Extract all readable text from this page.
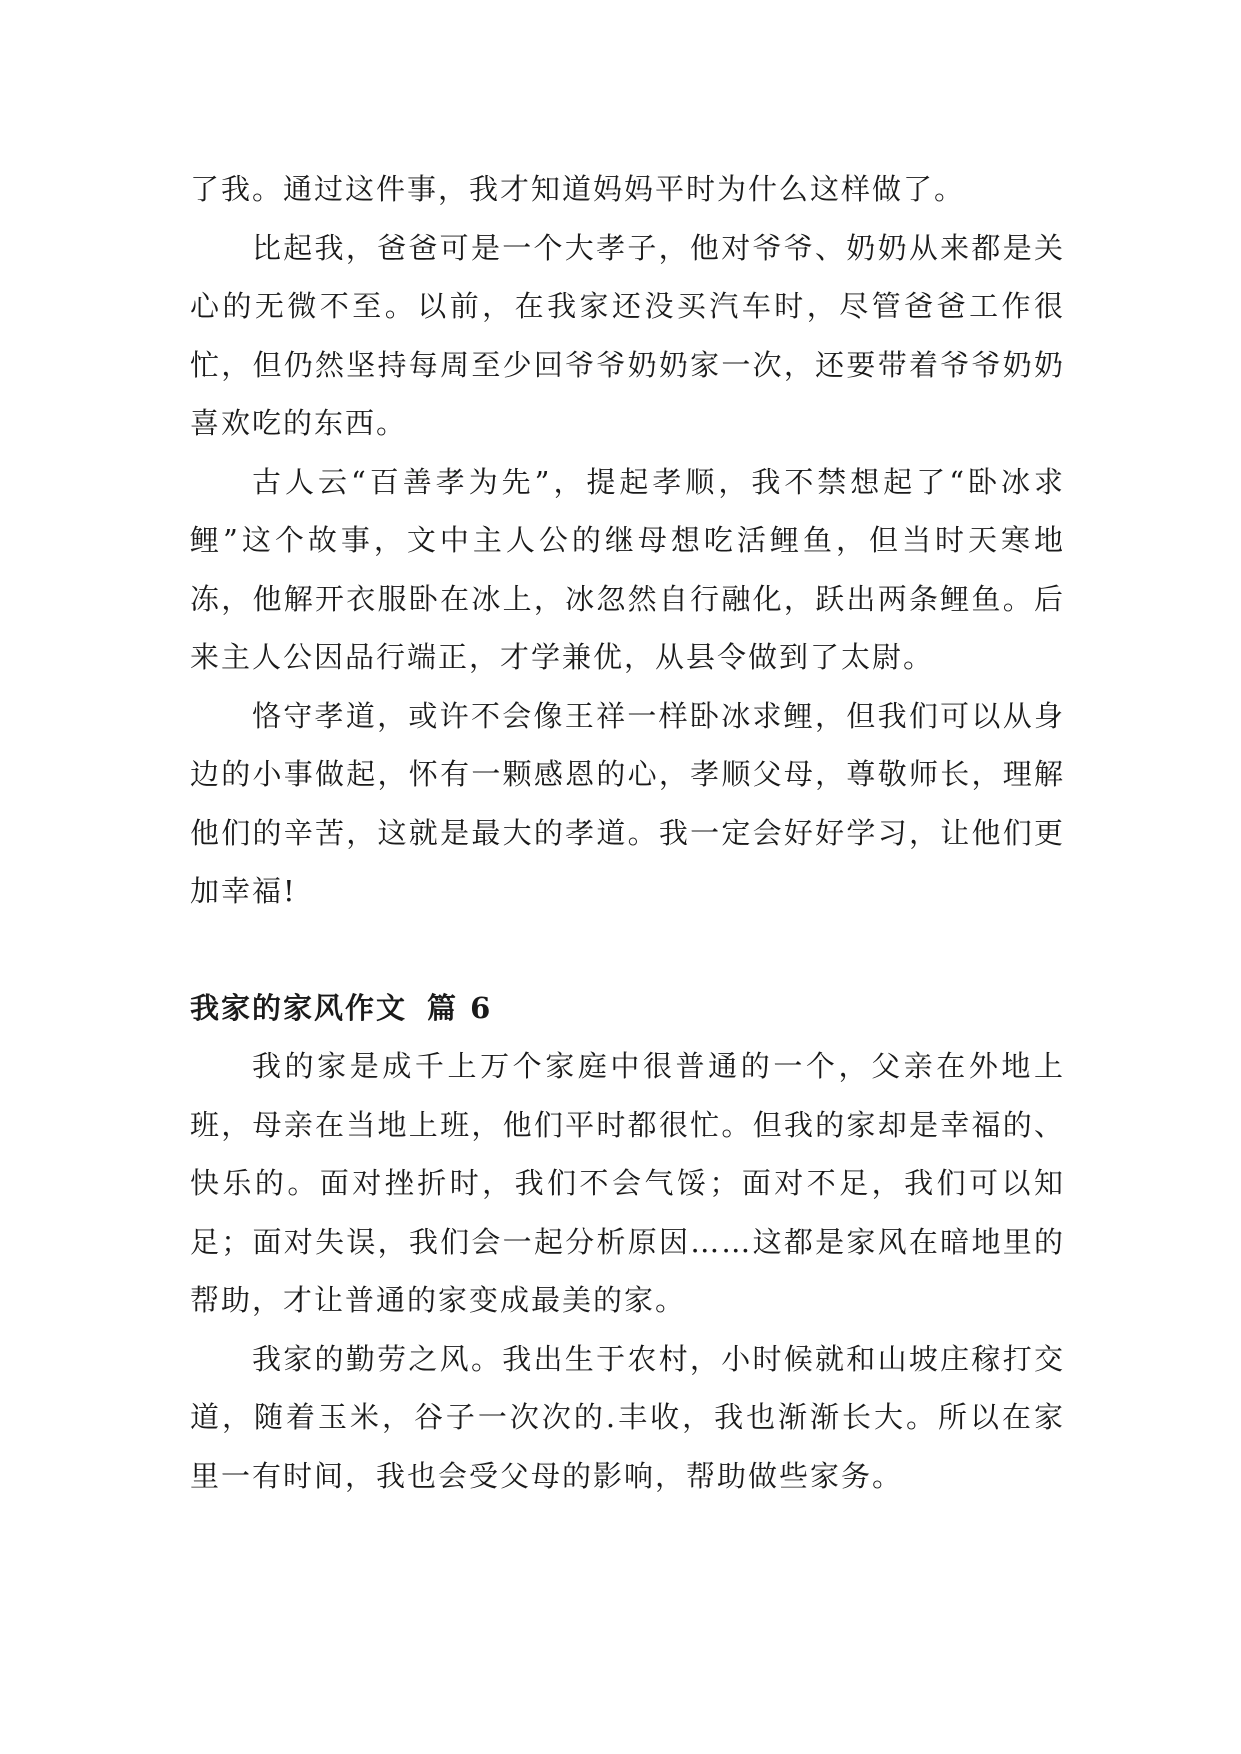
了我。通过这件事，我才知道妈妈平时为什么这样做了。

比起我，爸爸可是一个大孝子，他对爷爷、奶奶从来都是关心的无微不至。以前，在我家还没买汽车时，尽管爸爸工作很忙，但仍然坚持每周至少回爷爷奶奶家一次，还要带着爷爷奶奶喜欢吃的东西。

古人云“百善孝为先”，提起孝顺，我不禁想起了“卧冰求鲤”这个故事，文中主人公的继母想吃活鲤鱼，但当时天寒地冻，他解开衣服卧在冰上，冰忽然自行融化，跃出两条鲤鱼。后来主人公因品行端正，才学兼优，从县令做到了太尉。

恪守孝道，或许不会像王祥一样卧冰求鲤，但我们可以从身边的小事做起，怀有一颗感恩的心，孝顺父母，尊敬师长，理解他们的辛苦，这就是最大的孝道。我一定会好好学习，让他们更加幸福!

我家的家风作文 篇 6

我的家是成千上万个家庭中很普通的一个，父亲在外地上班，母亲在当地上班，他们平时都很忙。但我的家却是幸福的、快乐的。面对挫折时，我们不会气馁；面对不足，我们可以知足；面对失误，我们会一起分析原因……这都是家风在暗地里的帮助，才让普通的家变成最美的家。

我家的勤劳之风。我出生于农村，小时候就和山坡庄稼打交道，随着玉米，谷子一次次的.丰收，我也渐渐长大。所以在家里一有时间，我也会受父母的影响，帮助做些家务。
